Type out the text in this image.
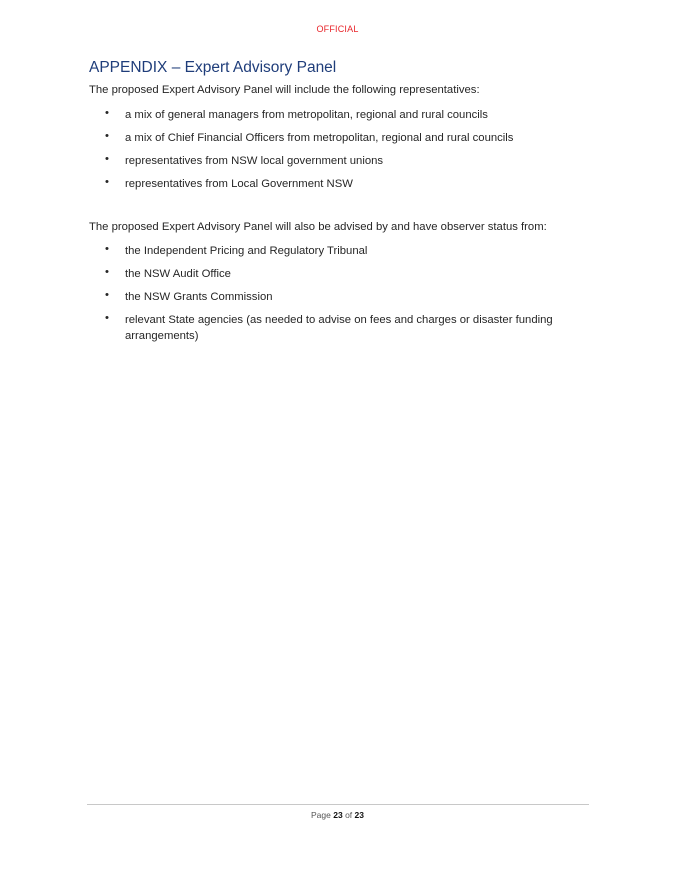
OFFICIAL
APPENDIX – Expert Advisory Panel

The proposed Expert Advisory Panel will include the following representatives:

• a mix of general managers from metropolitan, regional and rural councils
• a mix of Chief Financial Officers from metropolitan, regional and rural councils
• representatives from NSW local government unions
• representatives from Local Government NSW

The proposed Expert Advisory Panel will also be advised by and have observer status from:

• the Independent Pricing and Regulatory Tribunal
• the NSW Audit Office
• the NSW Grants Commission
• relevant State agencies (as needed to advise on fees and charges or disaster funding arrangements)
Page 23 of 23
